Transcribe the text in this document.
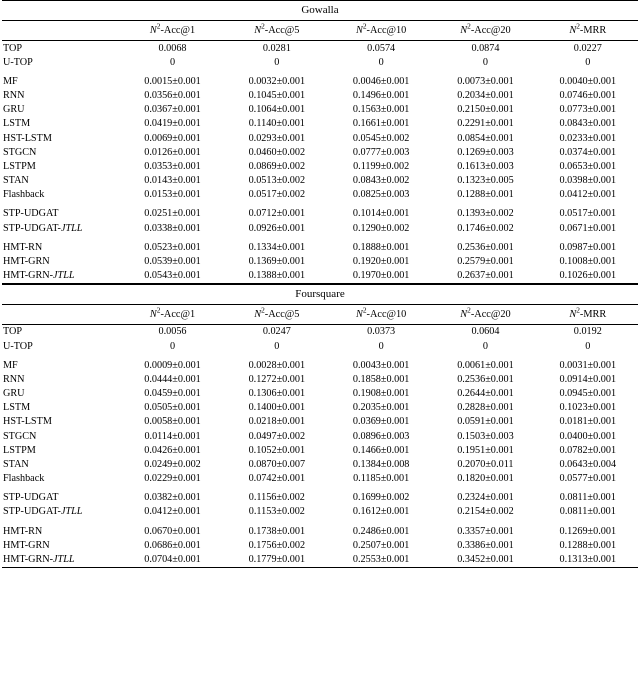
Gowalla					
	$N^2-Acc@1$	$N^2-Acc@5$	$N^2-Acc@10$	$N^2-Acc@20$	$N^2$-MRR
TOP	0.0068	0.0281	0.0574	0.0874	0.0227
U-TOP	0	0	0	0	0
MF	0.0015±0.001	0.0032±0.001	0.0046±0.001	0.0073±0.001	0.0040±0.001
RNN	0.0356±0.001	0.1045±0.001	0.1496±0.001	0.2034±0.001	0.0746±0.001
GRU	0.0367±0.001	0.1064±0.001	0.1563±0.001	0.2150±0.001	0.0773±0.001
LSTM	0.0419±0.001	0.1140±0.001	0.1661±0.001	0.2291±0.001	0.0843±0.001
HST-LSTM	0.0069±0.001	0.0293±0.001	0.0545±0.002	0.0854±0.001	0.0233±0.001
STGCN	0.0126±0.001	0.0460±0.002	0.0777±0.003	0.1269±0.003	0.0374±0.001
LSTPM	0.0353±0.001	0.0869±0.002	0.1199±0.002	0.1613±0.003	0.0653±0.001
STAN	0.0143±0.001	0.0513±0.002	0.0843±0.002	0.1323±0.005	0.0398±0.001
Flashback	0.0153±0.001	0.0517±0.002	0.0825±0.003	0.1288±0.001	0.0412±0.001
STP-UDGAT	0.0251±0.001	0.0712±0.001	0.1014±0.001	0.1393±0.002	0.0517±0.001
STP-UDGAT-JTLL	0.0338±0.001	0.0926±0.001	0.1290±0.002	0.1746±0.002	0.0671±0.001
HMT-RN	0.0523±0.001	0.1334±0.001	0.1888±0.001	0.2536±0.001	0.0987±0.001
HMT-GRN	0.0539±0.001	0.1369±0.001	0.1920±0.001	0.2579±0.001	0.1008±0.001
HMT-GRN-JTLL	0.0543±0.001	0.1388±0.001	0.1970±0.001	0.2637±0.001	0.1026±0.001
Foursquare					
	$N^2-Acc@1$	$N^2-Acc@5$	$N^2-Acc@10$	$N^2-Acc@20$	$N^2$-MRR
TOP	0.0056	0.0247	0.0373	0.0604	0.0192
U-TOP	0	0	0	0	0
MF	0.0009±0.001	0.0028±0.001	0.0043±0.001	0.0061±0.001	0.0031±0.001
RNN	0.0444±0.001	0.1272±0.001	0.1858±0.001	0.2536±0.001	0.0914±0.001
GRU	0.0459±0.001	0.1306±0.001	0.1908±0.001	0.2644±0.001	0.0945±0.001
LSTM	0.0505±0.001	0.1400±0.001	0.2035±0.001	0.2828±0.001	0.1023±0.001
HST-LSTM	0.0058±0.001	0.0218±0.001	0.0369±0.001	0.0591±0.001	0.0181±0.001
STGCN	0.0114±0.001	0.0497±0.002	0.0896±0.003	0.1503±0.003	0.0400±0.001
LSTPM	0.0426±0.001	0.1052±0.001	0.1466±0.001	0.1951±0.001	0.0782±0.001
STAN	0.0249±0.002	0.0870±0.007	0.1384±0.008	0.2070±0.011	0.0643±0.004
Flashback	0.0229±0.001	0.0742±0.001	0.1185±0.001	0.1820±0.001	0.0577±0.001
STP-UDGAT	0.0382±0.001	0.1156±0.002	0.1699±0.002	0.2324±0.001	0.0811±0.001
STP-UDGAT-JTLL	0.0412±0.001	0.1153±0.002	0.1612±0.001	0.2154±0.002	0.0811±0.001
HMT-RN	0.0670±0.001	0.1738±0.001	0.2486±0.001	0.3357±0.001	0.1269±0.001
HMT-GRN	0.0686±0.001	0.1756±0.002	0.2507±0.001	0.3386±0.001	0.1288±0.001
HMT-GRN-JTLL	0.0704±0.001	0.1779±0.001	0.2553±0.001	0.3452±0.001	0.1313±0.001
